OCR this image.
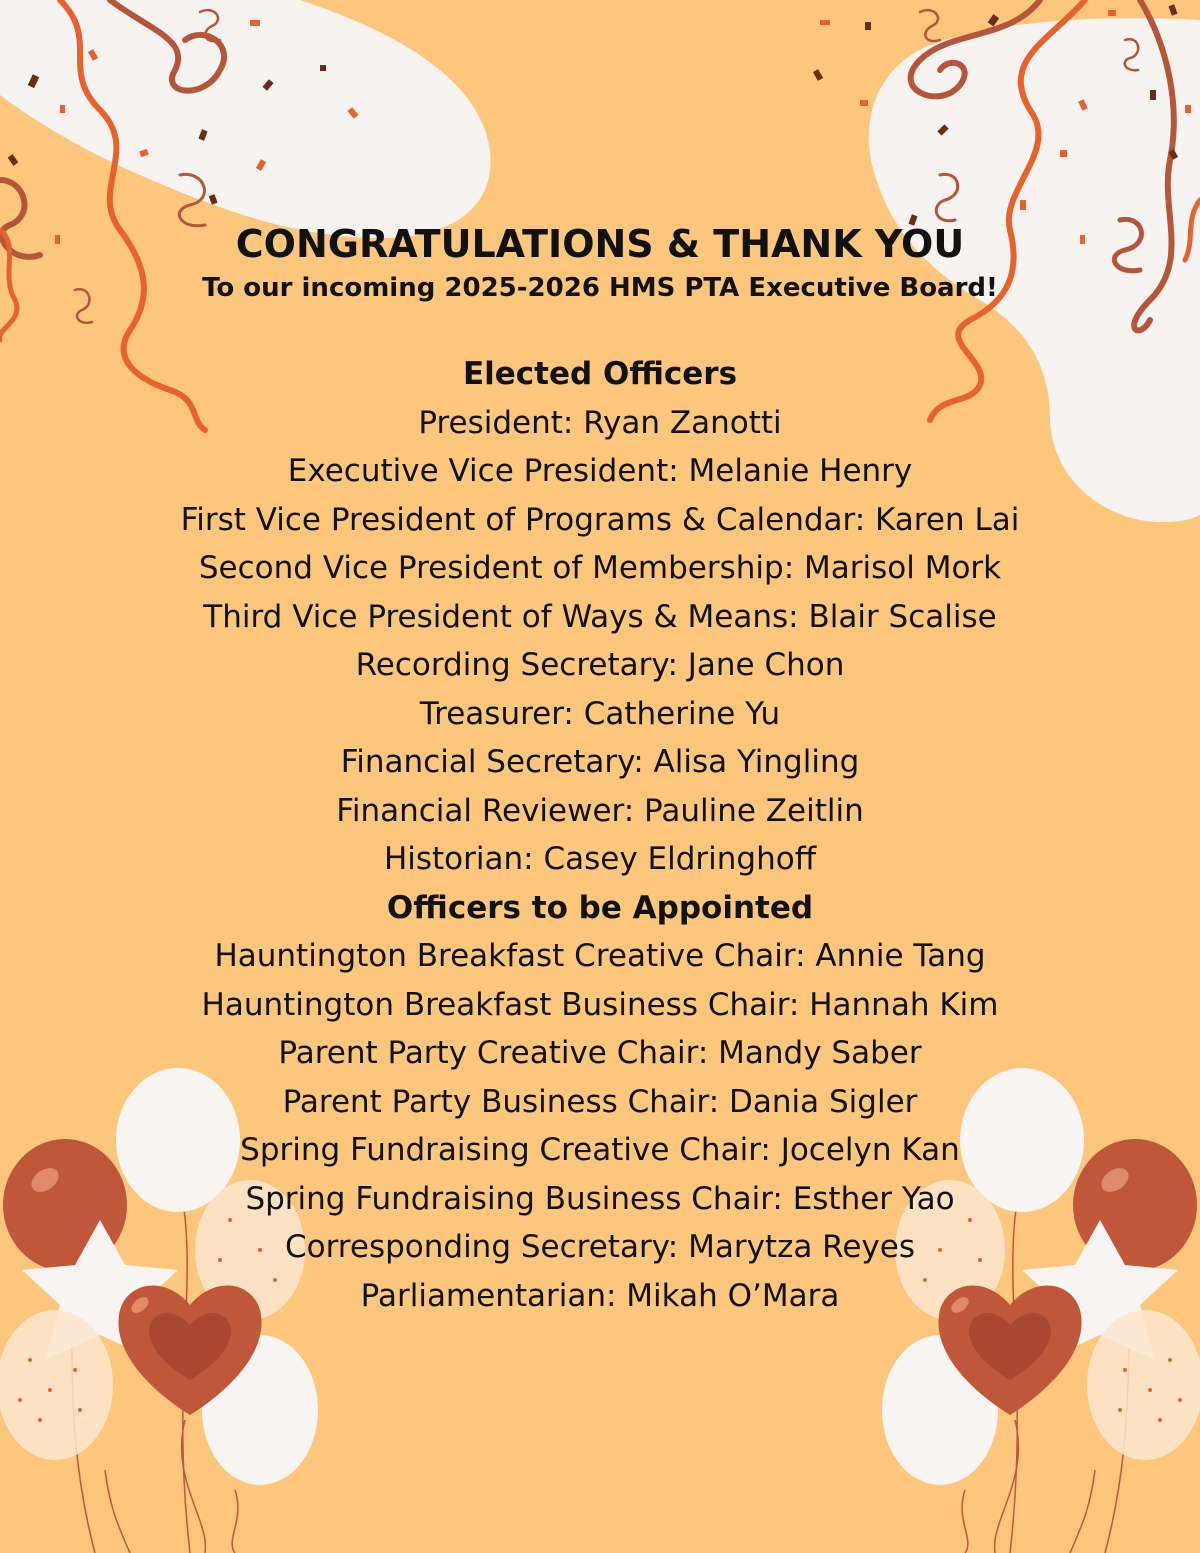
CONGRATULATIONS & THANK YOU
To our incoming 2025-2026 HMS PTA Executive Board!
Elected Officers
President: Ryan Zanotti
Executive Vice President: Melanie Henry
First Vice President of Programs & Calendar: Karen Lai
Second Vice President of Membership: Marisol Mork
Third Vice President of Ways & Means: Blair Scalise
Recording Secretary: Jane Chon
Treasurer: Catherine Yu
Financial Secretary: Alisa Yingling
Financial Reviewer: Pauline Zeitlin
Historian: Casey Eldringhoff
Officers to be Appointed
Hauntington Breakfast Creative Chair: Annie Tang
Hauntington Breakfast Business Chair: Hannah Kim
Parent Party Creative Chair: Mandy Saber
Parent Party Business Chair: Dania Sigler
Spring Fundraising Creative Chair: Jocelyn Kan
Spring Fundraising Business Chair: Esther Yao
Corresponding Secretary: Marytza Reyes
Parliamentarian: Mikah O’Mara
